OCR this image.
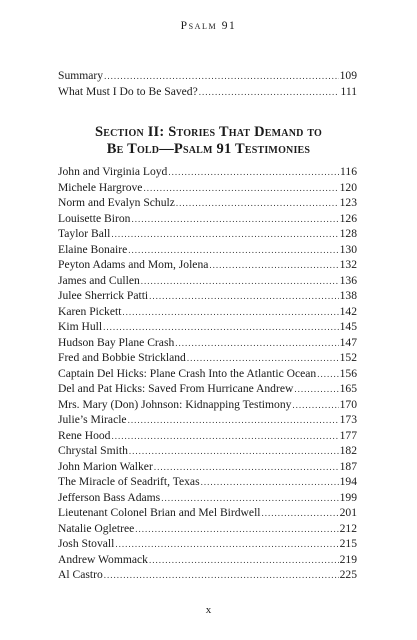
Psalm 91
Summary .....	109
What Must I Do to Be Saved? .....	111
Section II: Stories That Demand to
Be Told—Psalm 91 Testimonies
John and Virginia Loyd .....	116
Michele Hargrove .....	120
Norm and Evalyn Schulz .....	123
Louisette Biron .....	126
Taylor Ball .....	128
Elaine Bonaire .....	130
Peyton Adams and Mom, Jolena .....	132
James and Cullen .....	136
Julee Sherrick Patti .....	138
Karen Pickett .....	142
Kim Hull .....	145
Hudson Bay Plane Crash .....	147
Fred and Bobbie Strickland .....	152
Captain Del Hicks: Plane Crash Into the Atlantic Ocean ..... 156
Del and Pat Hicks: Saved From Hurricane Andrew .....	165
Mrs. Mary (Don) Johnson: Kidnapping Testimony .....	170
Julie’s Miracle .....	173
Rene Hood .....	177
Chrystal Smith .....	182
John Marion Walker .....	187
The Miracle of Seadrift, Texas .....	194
Jefferson Bass Adams .....	199
Lieutenant Colonel Brian and Mel Birdwell .....	201
Natalie Ogletree .....	212
Josh Stovall .....	215
Andrew Wommack .....	219
Al Castro .....	225
x
